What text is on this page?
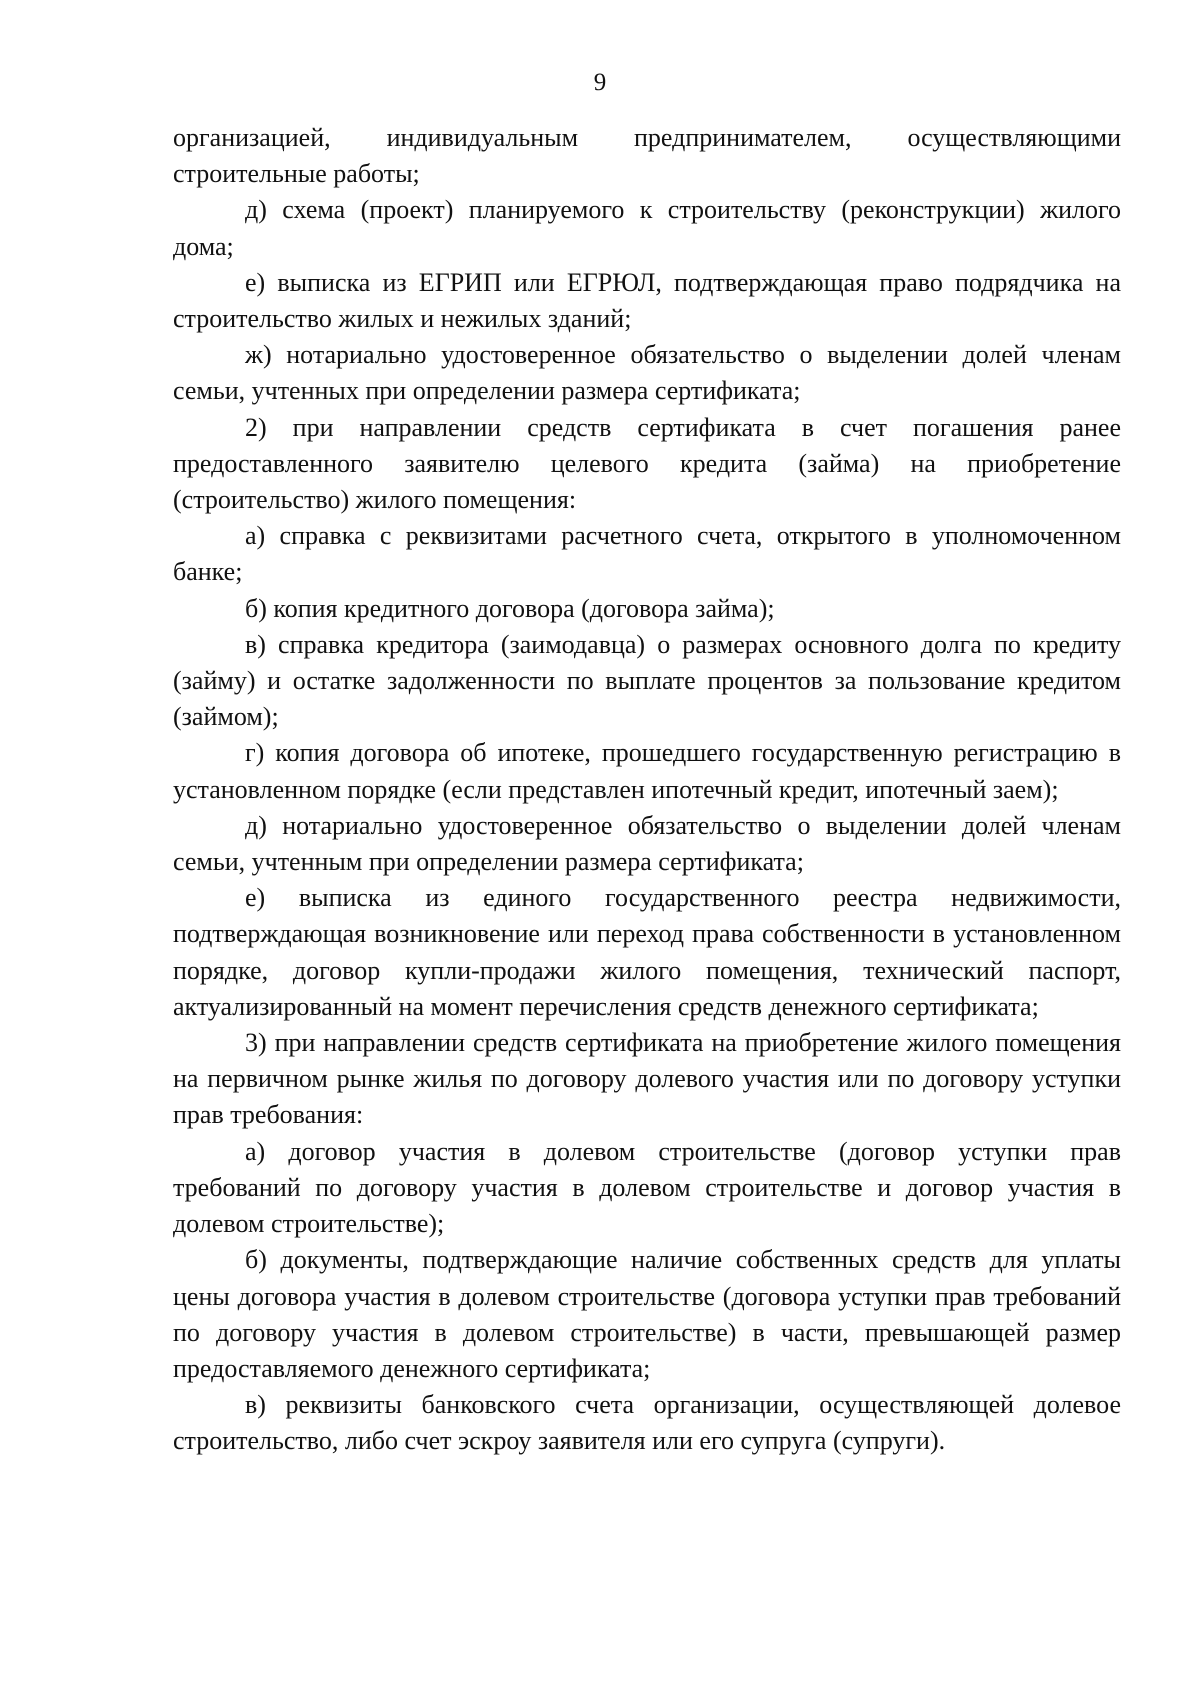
9

организацией, индивидуальным предпринимателем, осуществляющими строительные работы;

д) схема (проект) планируемого к строительству (реконструкции) жилого дома;

е) выписка из ЕГРИП или ЕГРЮЛ, подтверждающая право подрядчика на строительство жилых и нежилых зданий;

ж) нотариально удостоверенное обязательство о выделении долей членам семьи, учтенных при определении размера сертификата;

2) при направлении средств сертификата в счет погашения ранее предоставленного заявителю целевого кредита (займа) на приобретение (строительство) жилого помещения:

а) справка с реквизитами расчетного счета, открытого в уполномоченном банке;

б) копия кредитного договора (договора займа);

в) справка кредитора (заимодавца) о размерах основного долга по кредиту (займу) и остатке задолженности по выплате процентов за пользование кредитом (займом);

г) копия договора об ипотеке, прошедшего государственную регистрацию в установленном порядке (если представлен ипотечный кредит, ипотечный заем);

д) нотариально удостоверенное обязательство о выделении долей членам семьи, учтенным при определении размера сертификата;

е) выписка из единого государственного реестра недвижимости, подтверждающая возникновение или переход права собственности в установленном порядке, договор купли-продажи жилого помещения, технический паспорт, актуализированный на момент перечисления средств денежного сертификата;

3) при направлении средств сертификата на приобретение жилого помещения на первичном рынке жилья по договору долевого участия или по договору уступки прав требования:

а) договор участия в долевом строительстве (договор уступки прав требований по договору участия в долевом строительстве и договор участия в долевом строительстве);

б) документы, подтверждающие наличие собственных средств для уплаты цены договора участия в долевом строительстве (договора уступки прав требований по договору участия в долевом строительстве) в части, превышающей размер предоставляемого денежного сертификата;

в) реквизиты банковского счета организации, осуществляющей долевое строительство, либо счет эскроу заявителя или его супруга (супруги).
